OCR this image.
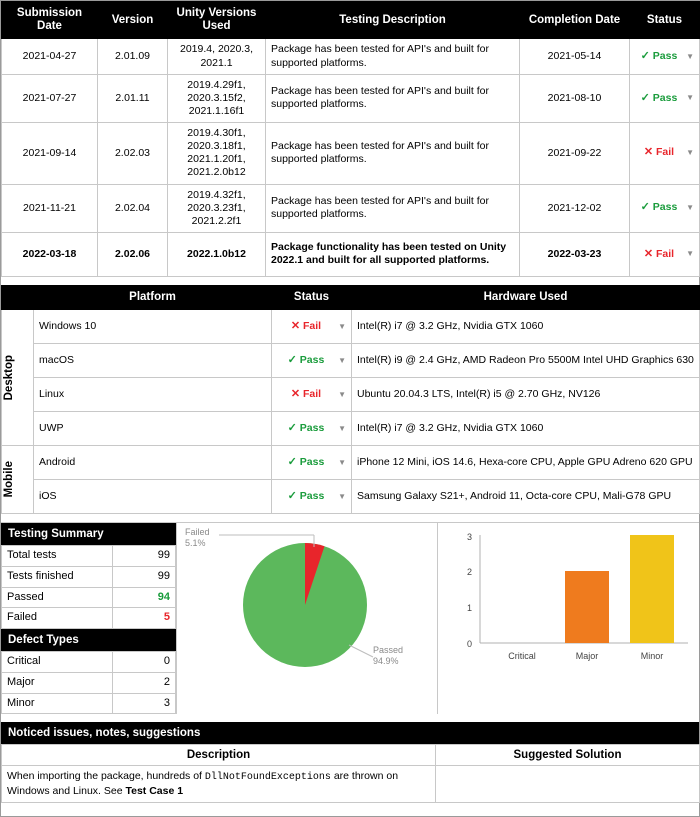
Submission Date	Version	Unity Versions Used	Testing Description	Completion Date	Status
2021-04-27	2.01.09	2019.4, 2020.3, 2021.1	Package has been tested for API's and built for supported platforms.	2021-05-14	✓ Pass ▼

2021-07-27	2.01.11	2019.4.29f1, 2020.3.15f2, 2021.1.16f1	Package has been tested for API's and built for supported platforms.	2021-08-10	✓ Pass ▼

2021-09-14	2.02.03	2019.4.30f1, 2020.3.18f1, 2021.1.20f1, 2021.2.0b12	Package has been tested for API's and built for supported platforms.	2021-09-22	✕ Fail ▼

2021-11-21	2.02.04	2019.4.32f1, 2020.3.23f1, 2021.2.2f1	Package has been tested for API's and built for supported platforms.	2021-12-02	✓ Pass ▼

2022-03-18	2.02.06	2022.1.0b12	Package functionality has been tested on Unity 2022.1 and built for all supported platforms.	2022-03-23	✕ Fail ▼
	Platform	Status	Hardware Used

Desktop	Windows 10	✕ Fail ▼	Intel(R) i7 @ 3.2 GHz, Nvidia GTX 1060
	macOS	✓ Pass ▼	Intel(R) i9 @ 2.4 GHz, AMD Radeon Pro 5500M Intel UHD Graphics 630
	Linux	✕ Fail ▼	Ubuntu 20.04.3 LTS, Intel(R) i5 @ 2.70 GHz, NV126
	UWP	✓ Pass ▼	Intel(R) i7 @ 3.2 GHz, Nvidia GTX 1060

Mobile	Android	✓ Pass ▼	iPhone 12 Mini, iOS 14.6, Hexa-core CPU, Apple GPU Adreno 620 GPU
	iOS	✓ Pass ▼	Samsung Galaxy S21+, Android 11, Octa-core CPU, Mali-G78 GPU
Testing Summary
Total tests	99
Tests finished	99
Passed	94
Failed	5
Defect Types
Critical	0
Major	2
Minor	3
Failed
5.1%
Passed
94.9%
0
1
2
3
Critical	Major	Minor
Noticed issues, notes, suggestions
Description	Suggested Solution
When importing the package, hundreds of DllNotFoundExceptions are thrown on Windows and Linux. See Test Case 1	
